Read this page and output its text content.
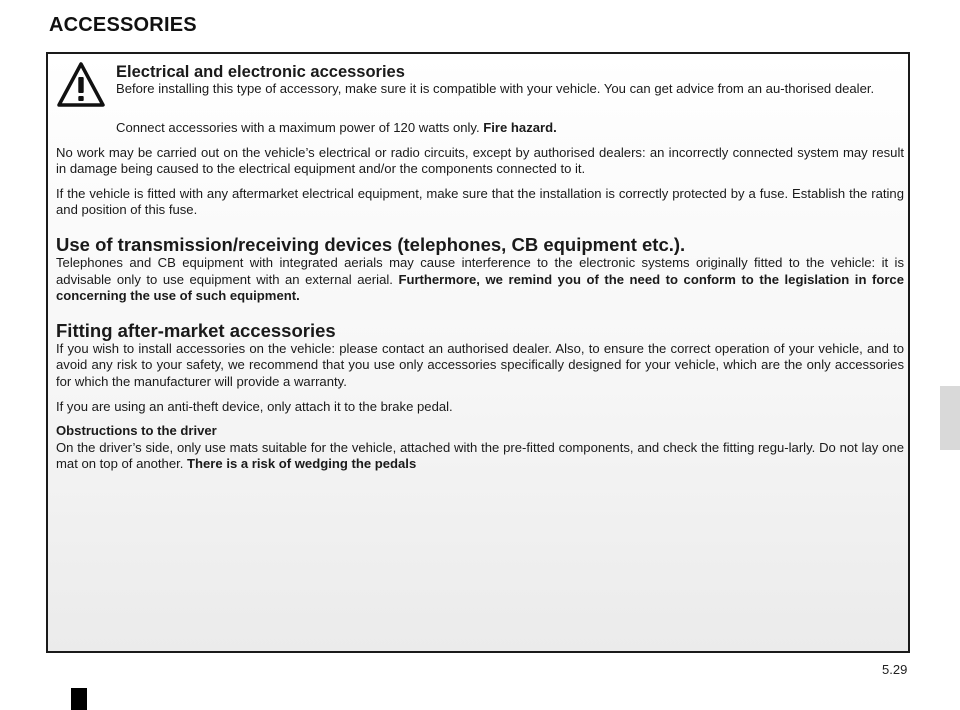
ACCESSORIES
Electrical and electronic accessories

Before installing this type of accessory, make sure it is compatible with your vehicle. You can get advice from an au-thorised dealer.

Connect accessories with a maximum power of 120 watts only. Fire hazard.

No work may be carried out on the vehicle’s electrical or radio circuits, except by authorised dealers: an incorrectly connected system may result in damage being caused to the electrical equipment and/or the components connected to it.

If the vehicle is fitted with any aftermarket electrical equipment, make sure that the installation is correctly protected by a fuse. Establish the rating and position of this fuse.

Use of transmission/receiving devices (telephones, CB equipment etc.).

Telephones and CB equipment with integrated aerials may cause interference to the electronic systems originally fitted to the vehicle: it is advisable only to use equipment with an external aerial. Furthermore, we remind you of the need to conform to the legislation in force concerning the use of such equipment.

Fitting after-market accessories

If you wish to install accessories on the vehicle: please contact an authorised dealer. Also, to ensure the correct operation of your vehicle, and to avoid any risk to your safety, we recommend that you use only accessories specifically designed for your vehicle, which are the only accessories for which the manufacturer will provide a warranty.

If you are using an anti-theft device, only attach it to the brake pedal.

Obstructions to the driver

On the driver’s side, only use mats suitable for the vehicle, attached with the pre-fitted components, and check the fitting regu-larly. Do not lay one mat on top of another. There is a risk of wedging the pedals

5.29
